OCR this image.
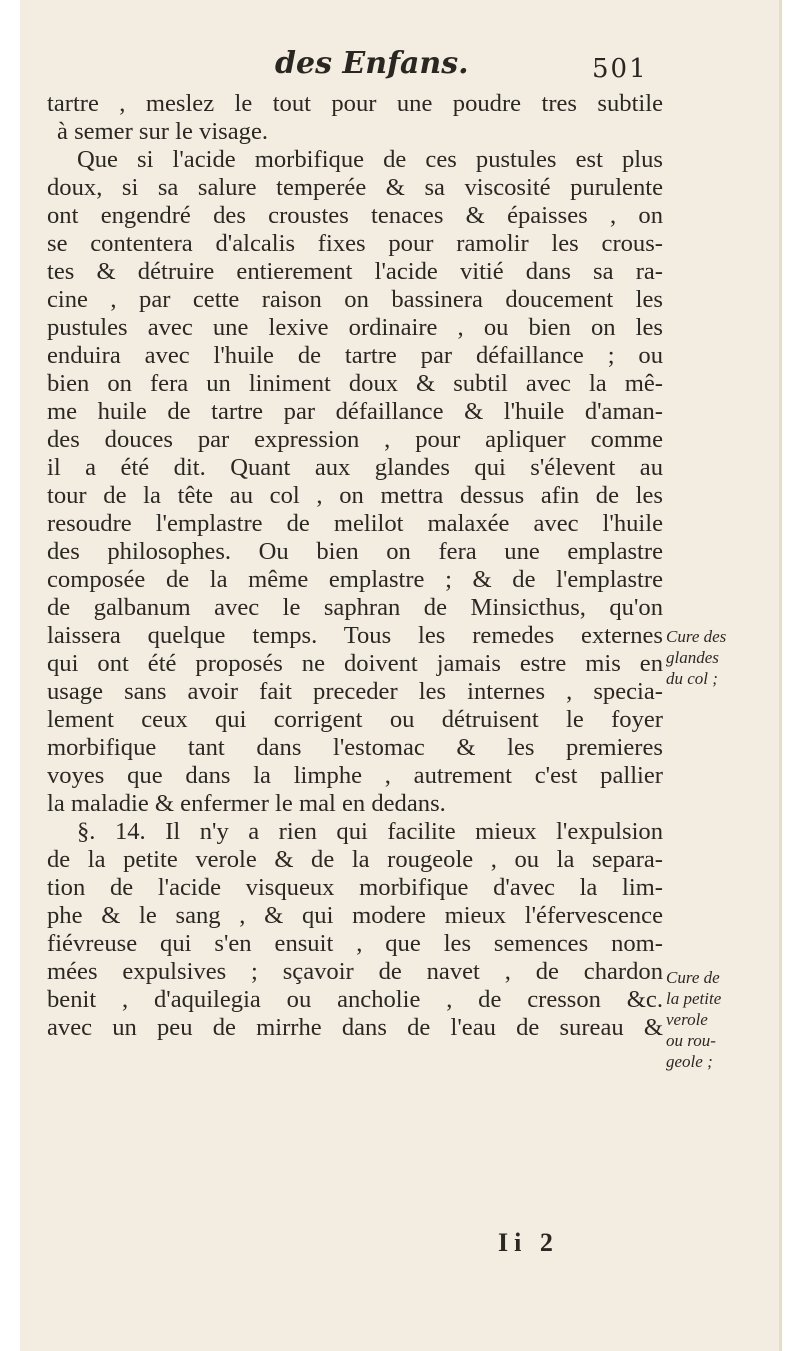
des Enfans.	501
tartre , meslez le tout pour une poudre tres subtile
à semer sur le visage.
Que si l'acide morbifique de ces pustules est plus
doux, si sa salure temperée & sa viscosité purulente
ont engendré des croustes tenaces & épaisses , on
se contentera d'alcalis fixes pour ramolir les crous-
tes & détruire entierement l'acide vitié dans sa ra-
cine , par cette raison on bassinera doucement les
pustules avec une lexive ordinaire , ou bien on les
enduira avec l'huile de tartre par défaillance ; ou
bien on fera un liniment doux & subtil avec la mê-
me huile de tartre par défaillance & l'huile d'aman-
des douces par expression , pour apliquer comme
il a été dit. Quant aux glandes qui s'élevent au
tour de la tête au col , on mettra dessus afin de les
resoudre l'emplastre de melilot malaxée avec l'huile
des philosophes. Ou bien on fera une emplastre
composée de la même emplastre ; & de l'emplastre
de galbanum avec le saphran de Minsicthus, qu'on
laissera quelque temps. Tous les remedes externes
qui ont été proposés ne doivent jamais estre mis en
usage sans avoir fait preceder les internes , specia-
lement ceux qui corrigent ou détruisent le foyer
morbifique tant dans l'estomac & les premieres
voyes que dans la limphe , autrement c'est pallier
la maladie & enfermer le mal en dedans.
§. 14. Il n'y a rien qui facilite mieux l'expulsion
de la petite verole & de la rougeole , ou la separa-
tion de l'acide visqueux morbifique d'avec la lim-
phe & le sang , & qui modere mieux l'éfervescence
fiévreuse qui s'en ensuit , que les semences nom-
mées expulsives ; sçavoir de navet , de chardon
benit , d'aquilegia ou ancholie , de cresson &c.
avec un peu de mirrhe dans de l'eau de sureau &
Cure des
glandes
du col ;
Cure de
la petite
verole
ou rou-
geole ;
Ii 2
